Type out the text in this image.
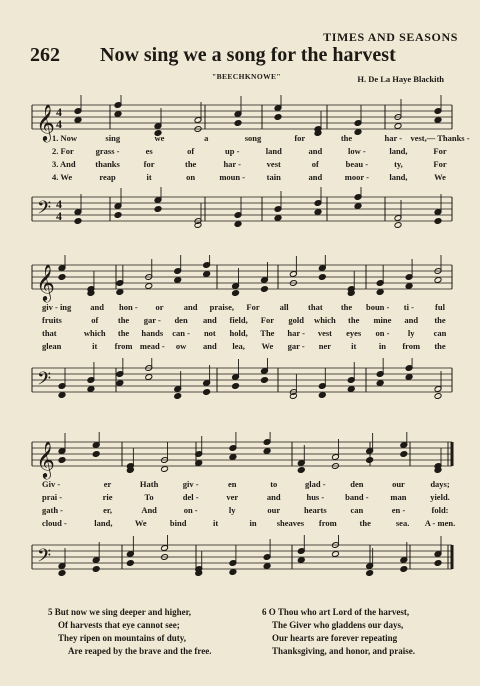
TIMES AND SEASONS
262 Now sing we a song for the harvest
"BEECHKNOWE"	H. De La Haye Blackith
𝄞 4
4
1. Now	sing	we	a	song	for	the	har - vest,— Thanks -
2. For	grass -	es	of	up -	land	and	low -	land,	For
3. And thanks	for	the	har -	vest	of	beau -	ty,	For
4. We	reap	it	on	moun -	tain	and	moor - land,	We
𝄢 4
4
𝄞
giv - ing and hon - or and praise, For all that the boun - ti - ful
fruits	of the gar - den and field, For gold which the mine and the
that	which the hands can - not hold, The har - vest eyes on - ly can
glean	it from mead - ow and lea, We gar - ner it	in from the
𝄢
𝄞
Giv -	er	Hath	giv -	en	to	glad -	den	our	days;
prai -	rie	To	del -	ver	and	hus - band -	man	yield.
gath -	er,	And	on -	ly	our	hearts	can	en -	fold:
cloud -	land,	We	bind	it	in sheaves from	the	sea. A - men.
𝄢
5 But now we sing deeper and higher,
Of harvests that eye cannot see;
They ripen on mountains of duty,
Are reaped by the brave and the free.
6 O Thou who art Lord of the harvest,
The Giver who gladdens our days,
Our hearts are forever repeating
Thanksgiving, and honor, and praise.
